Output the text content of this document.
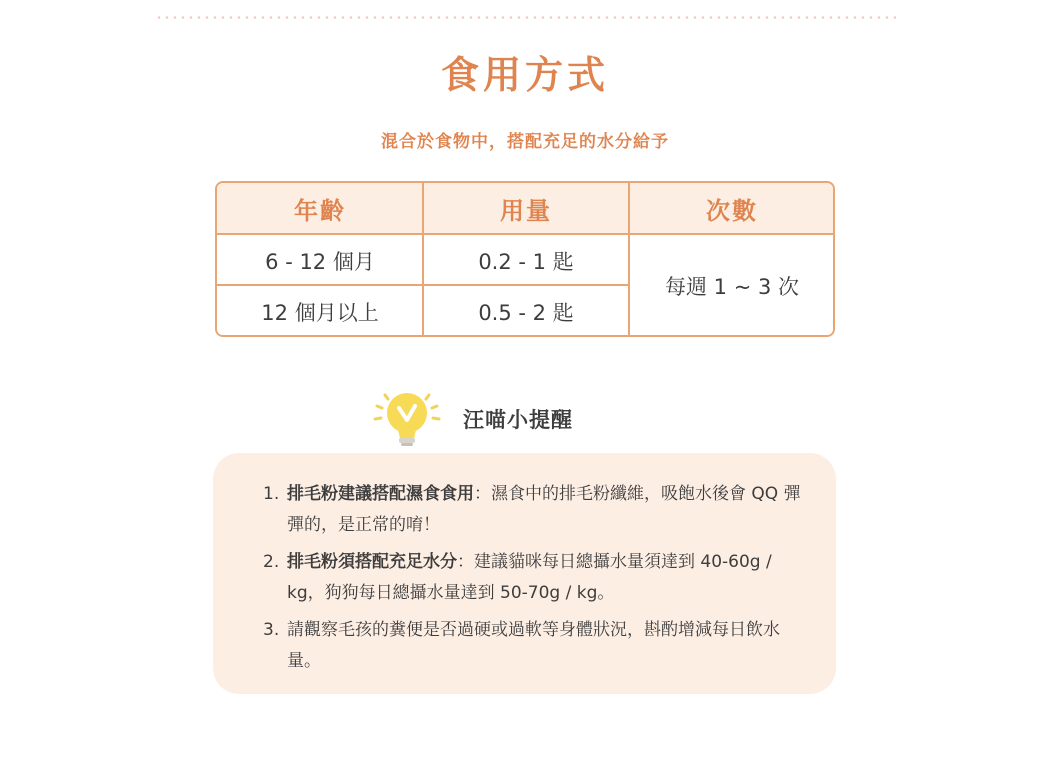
食用方式

混合於食物中，搭配充足的水分給予

年齡	用量	次數
6 - 12 個月	0.2 - 1 匙
12 個月以上	0.5 - 2 匙
每週 1 ~ 3 次
汪喵小提醒
1. 排毛粉建議搭配濕食食用：濕食中的排毛粉纖維，吸飽水後會 QQ 彈彈的，是正常的唷！
2. 排毛粉須搭配充足水分：建議貓咪每日總攝水量須達到 40-60g / kg，狗狗每日總攝水量達到 50-70g / kg。
3. 請觀察毛孩的糞便是否過硬或過軟等身體狀況，斟酌增減每日飲水量。
